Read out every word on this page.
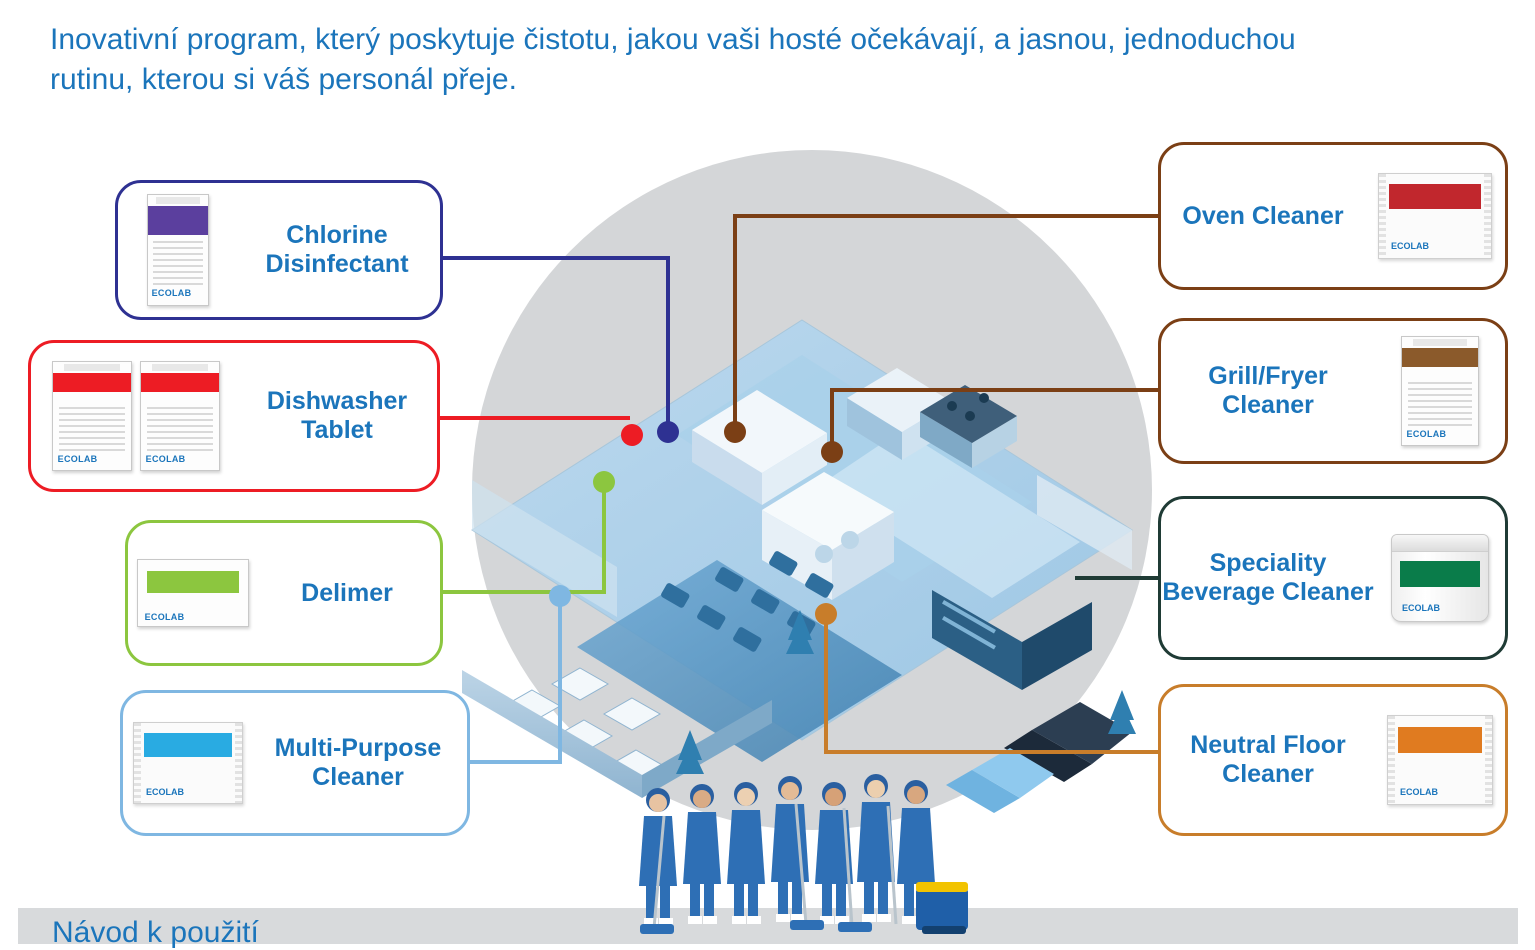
Inovativní program, který poskytuje čistotu, jakou vaši hosté očekávají, a jasnou, jednoduchou rutinu, kterou si váš personál přeje.
ECOLAB
Chlorine Disinfectant
ECOLAB	ECOLAB
Dishwasher Tablet
ECOLAB
Delimer
ECOLAB
Multi-Purpose Cleaner
Oven Cleaner
ECOLAB
Grill/Fryer Cleaner
ECOLAB
Speciality Beverage Cleaner
ECOLAB
Neutral Floor Cleaner
ECOLAB
Návod k použití
